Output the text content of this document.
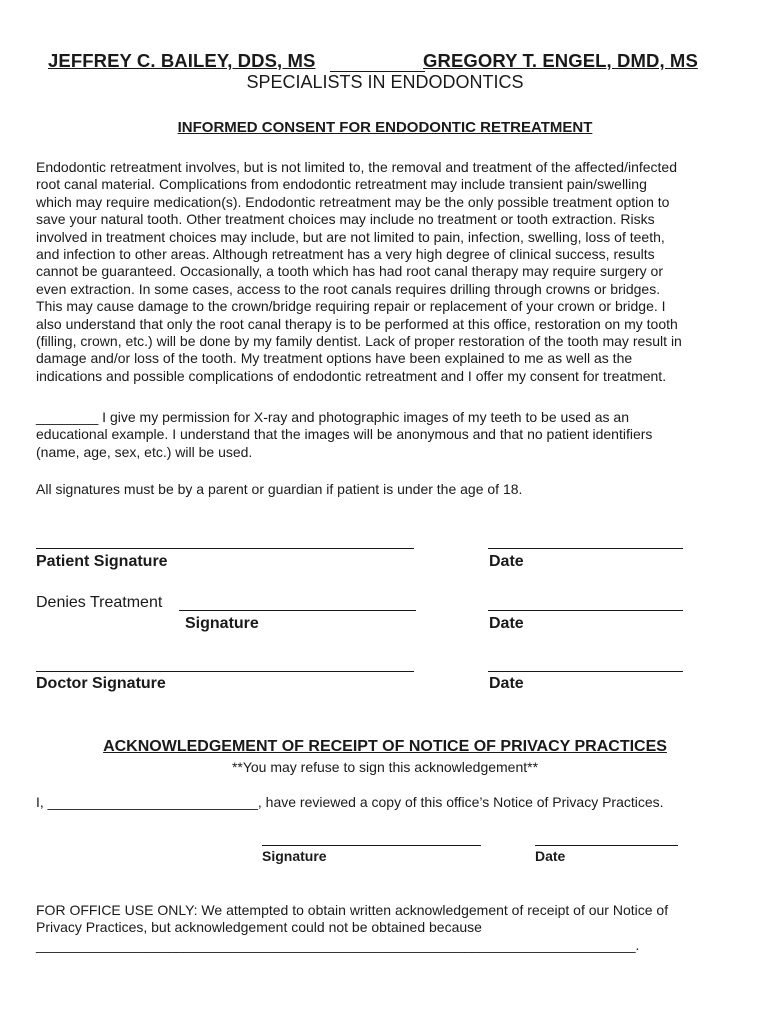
JEFFREY C. BAILEY, DDS, MS	GREGORY T. ENGEL, DMD, MS
SPECIALISTS IN ENDODONTICS
INFORMED CONSENT FOR ENDODONTIC RETREATMENT
Endodontic retreatment involves, but is not limited to, the removal and treatment of the affected/infected
root canal material. Complications from endodontic retreatment may include transient pain/swelling
which may require medication(s). Endodontic retreatment may be the only possible treatment option to
save your natural tooth. Other treatment choices may include no treatment or tooth extraction. Risks
involved in treatment choices may include, but are not limited to pain, infection, swelling, loss of teeth,
and infection to other areas. Although retreatment has a very high degree of clinical success, results
cannot be guaranteed. Occasionally, a tooth which has had root canal therapy may require surgery or
even extraction. In some cases, access to the root canals requires drilling through crowns or bridges.
This may cause damage to the crown/bridge requiring repair or replacement of your crown or bridge. I
also understand that only the root canal therapy is to be performed at this office, restoration on my tooth
(filling, crown, etc.) will be done by my family dentist. Lack of proper restoration of the tooth may result in
damage and/or loss of the tooth. My treatment options have been explained to me as well as the
indications and possible complications of endodontic retreatment and I offer my consent for treatment.
________ I give my permission for X-ray and photographic images of my teeth to be used as an
educational example. I understand that the images will be anonymous and that no patient identifiers
(name, age, sex, etc.) will be used.
All signatures must be by a parent or guardian if patient is under the age of 18.
Patient Signature	Date
Denies Treatment
Signature	Date
Doctor Signature	Date
ACKNOWLEDGEMENT OF RECEIPT OF NOTICE OF PRIVACY PRACTICES
**You may refuse to sign this acknowledgement**
I, ___________________________, have reviewed a copy of this office’s Notice of Privacy Practices.
Signature	Date
FOR OFFICE USE ONLY: We attempted to obtain written acknowledgement of receipt of our Notice of
Privacy Practices, but acknowledgement could not be obtained because
_____________________________________________________________________________.
